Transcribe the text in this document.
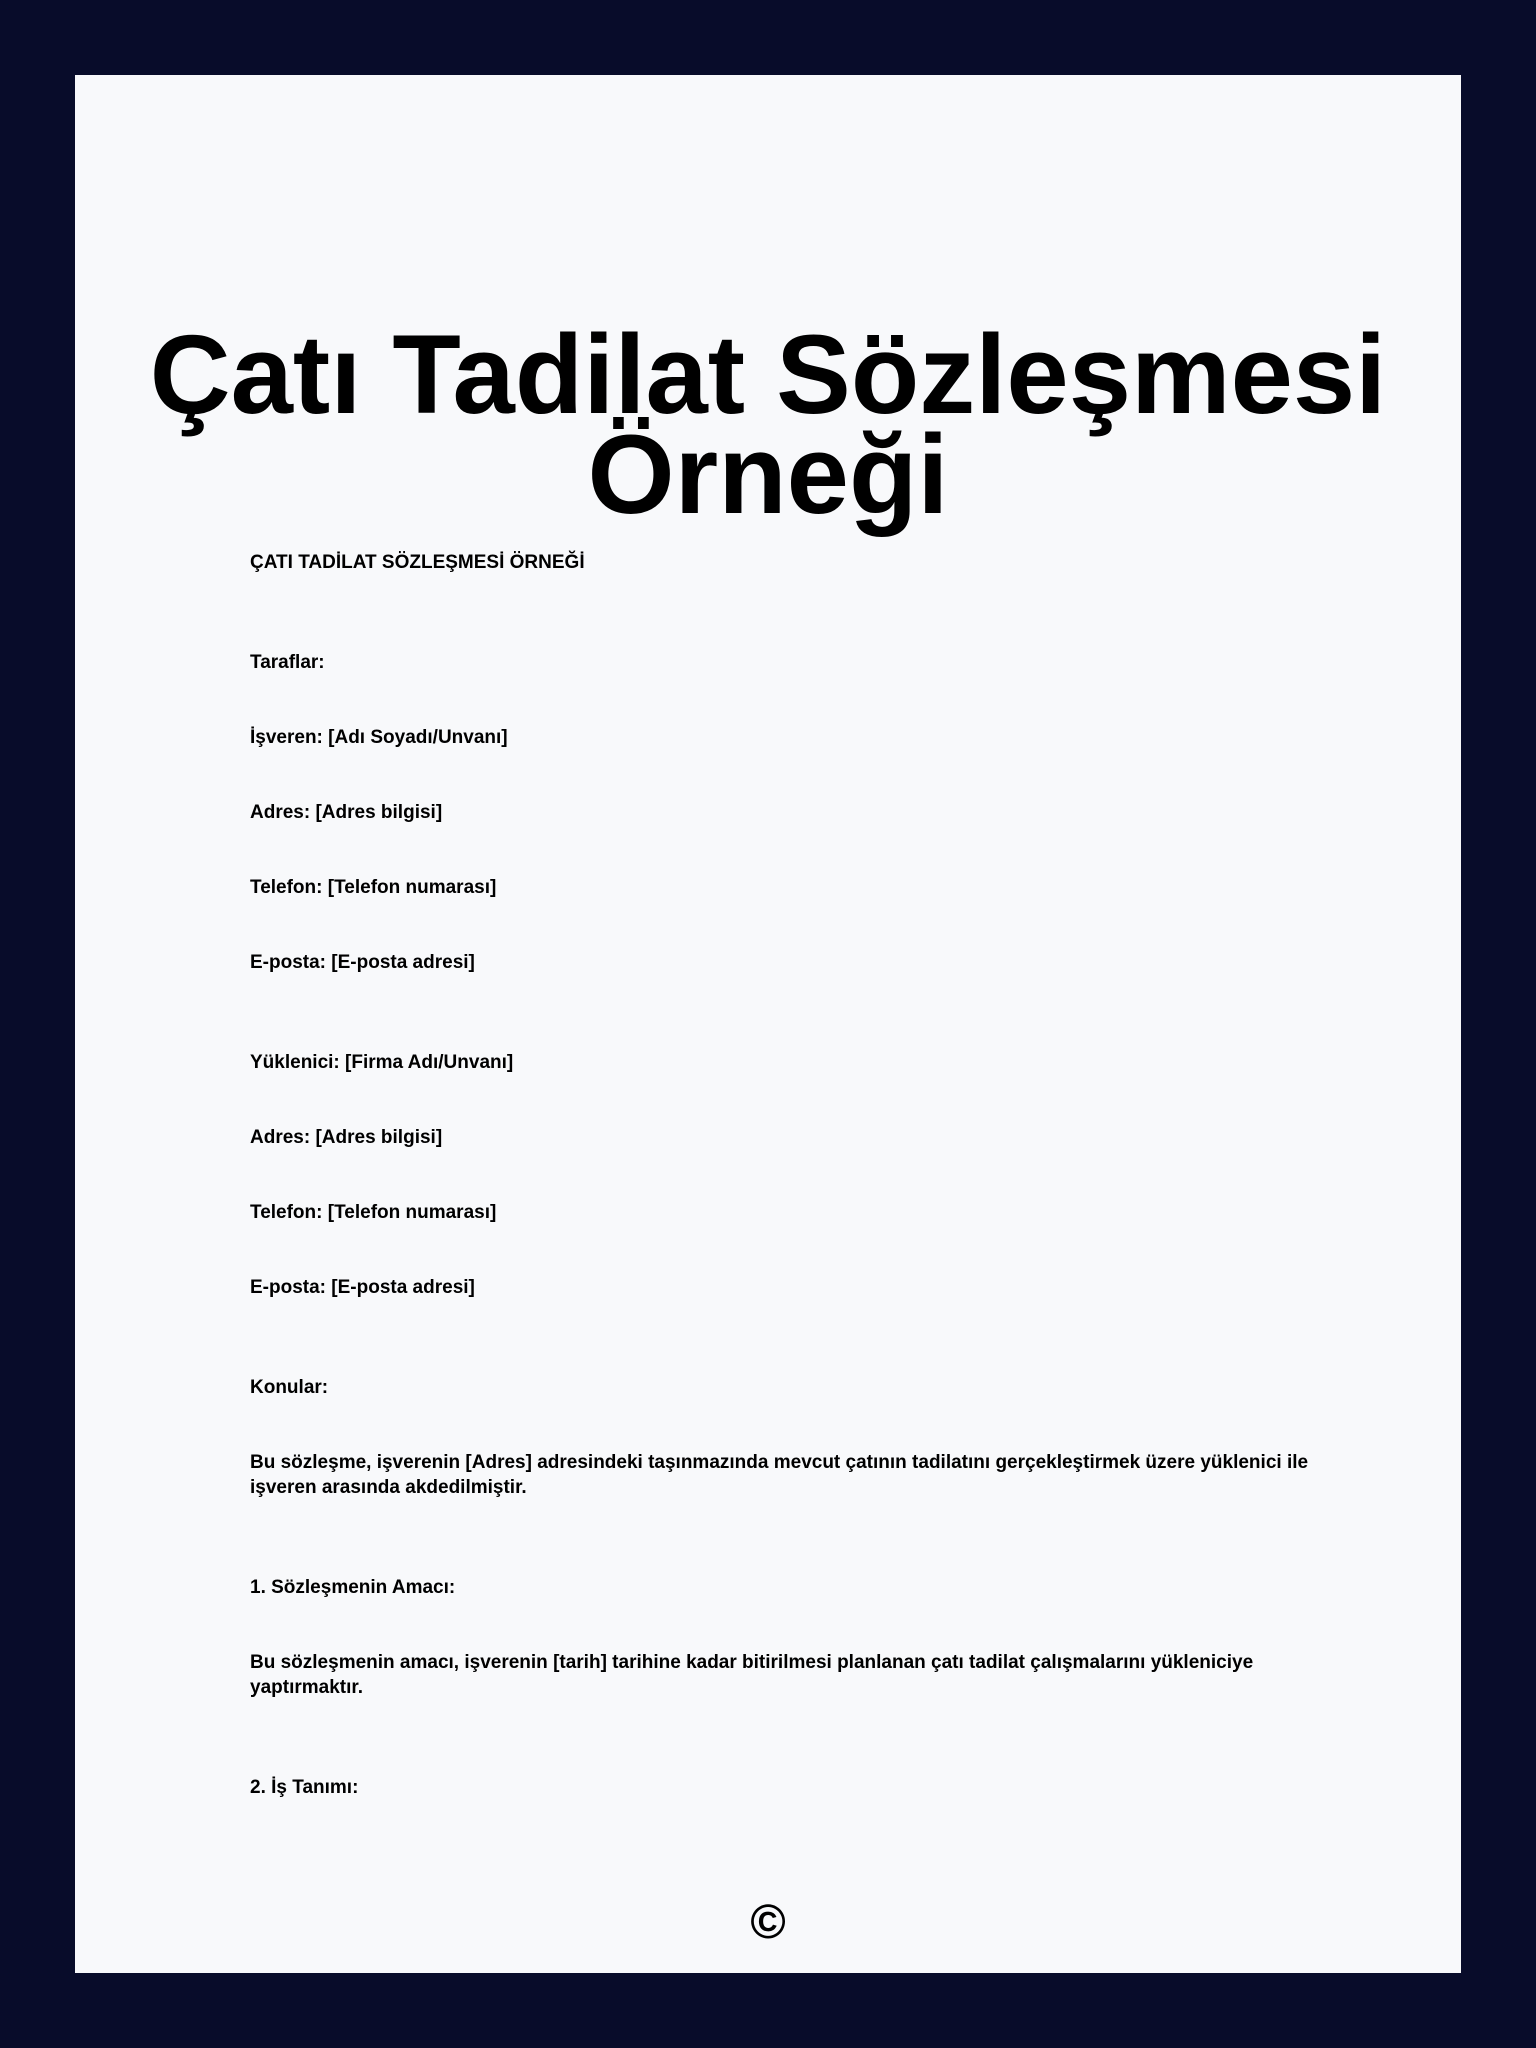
Çatı Tadilat Sözleşmesi Örneği

ÇATI TADİLAT SÖZLEŞMESİ ÖRNEĞİ

Taraflar:

İşveren: [Adı Soyadı/Unvanı]

Adres: [Adres bilgisi]

Telefon: [Telefon numarası]

E-posta: [E-posta adresi]

Yüklenici: [Firma Adı/Unvanı]

Adres: [Adres bilgisi]

Telefon: [Telefon numarası]

E-posta: [E-posta adresi]

Konular:

Bu sözleşme, işverenin [Adres] adresindeki taşınmazında mevcut çatının tadilatını gerçekleştirmek üzere yüklenici ile işveren arasında akdedilmiştir.

1. Sözleşmenin Amacı:

Bu sözleşmenin amacı, işverenin [tarih] tarihine kadar bitirilmesi planlanan çatı tadilat çalışmalarını yükleniciye yaptırmaktır.

2. İş Tanımı:

©
